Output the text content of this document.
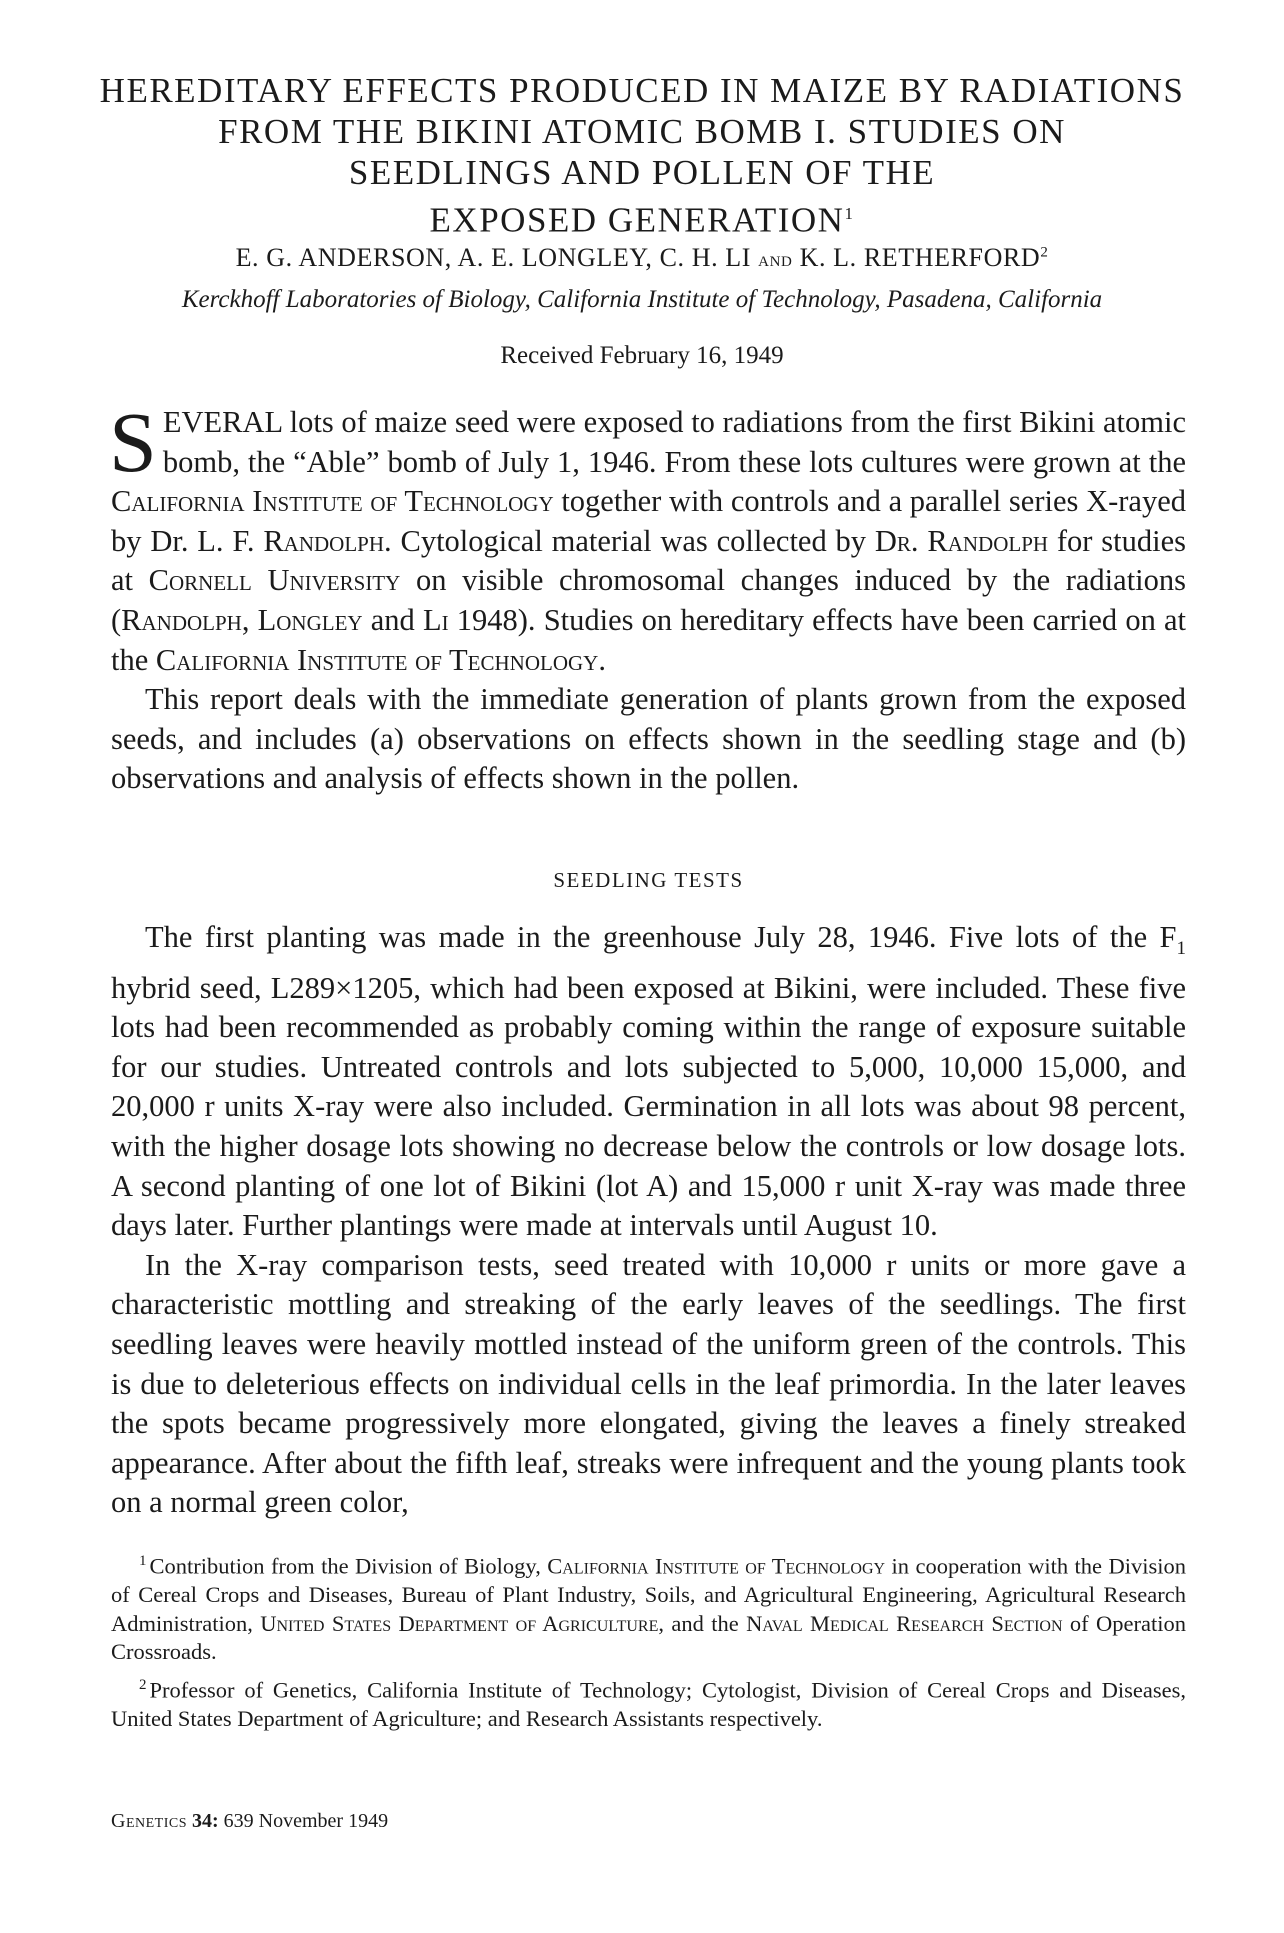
HEREDITARY EFFECTS PRODUCED IN MAIZE BY RADIATIONS
FROM THE BIKINI ATOMIC BOMB I. STUDIES ON
SEEDLINGS AND POLLEN OF THE
EXPOSED GENERATION$^1$
E. G. ANDERSON, A. E. LONGLEY, C. H. LI and K. L. RETHERFORD$^2$
Kerckhoff Laboratories of Biology, California Institute of Technology, Pasadena, California
Received February 16, 1949

SEVERAL lots of maize seed were exposed to radiations from the first Bikini atomic bomb, the “Able” bomb of July 1, 1946. From these lots cultures were grown at the California Institute of Technology together with controls and a parallel series X-rayed by Dr. L. F. Randolph. Cytological material was collected by Dr. Randolph for studies at Cornell University on visible chromosomal changes induced by the radiations (Randolph, Longley and Li 1948). Studies on hereditary effects have been carried on at the California Institute of Technology.

This report deals with the immediate generation of plants grown from the exposed seeds, and includes (a) observations on effects shown in the seedling stage and (b) observations and analysis of effects shown in the pollen.

SEEDLING TESTS

The first planting was made in the greenhouse July 28, 1946. Five lots of the $F_1$ hybrid seed, L289×1205, which had been exposed at Bikini, were included. These five lots had been recommended as probably coming within the range of exposure suitable for our studies. Untreated controls and lots subjected to 5,000, 10,000 15,000, and 20,000 r units X-ray were also included. Germination in all lots was about 98 percent, with the higher dosage lots showing no decrease below the controls or low dosage lots. A second planting of one lot of Bikini (lot A) and 15,000 r unit X-ray was made three days later. Further plantings were made at intervals until August 10.

In the X-ray comparison tests, seed treated with 10,000 r units or more gave a characteristic mottling and streaking of the early leaves of the seedlings. The first seedling leaves were heavily mottled instead of the uniform green of the controls. This is due to deleterious effects on individual cells in the leaf primordia. In the later leaves the spots became progressively more elongated, giving the leaves a finely streaked appearance. After about the fifth leaf, streaks were infrequent and the young plants took on a normal green color,

$^1$ Contribution from the Division of Biology, California Institute of Technology in cooperation with the Division of Cereal Crops and Diseases, Bureau of Plant Industry, Soils, and Agricultural Engineering, Agricultural Research Administration, United States Department of Agriculture, and the Naval Medical Research Section of Operation Crossroads.

$^2$ Professor of Genetics, California Institute of Technology; Cytologist, Division of Cereal Crops and Diseases, United States Department of Agriculture; and Research Assistants respectively.

Genetics 34: 639 November 1949
